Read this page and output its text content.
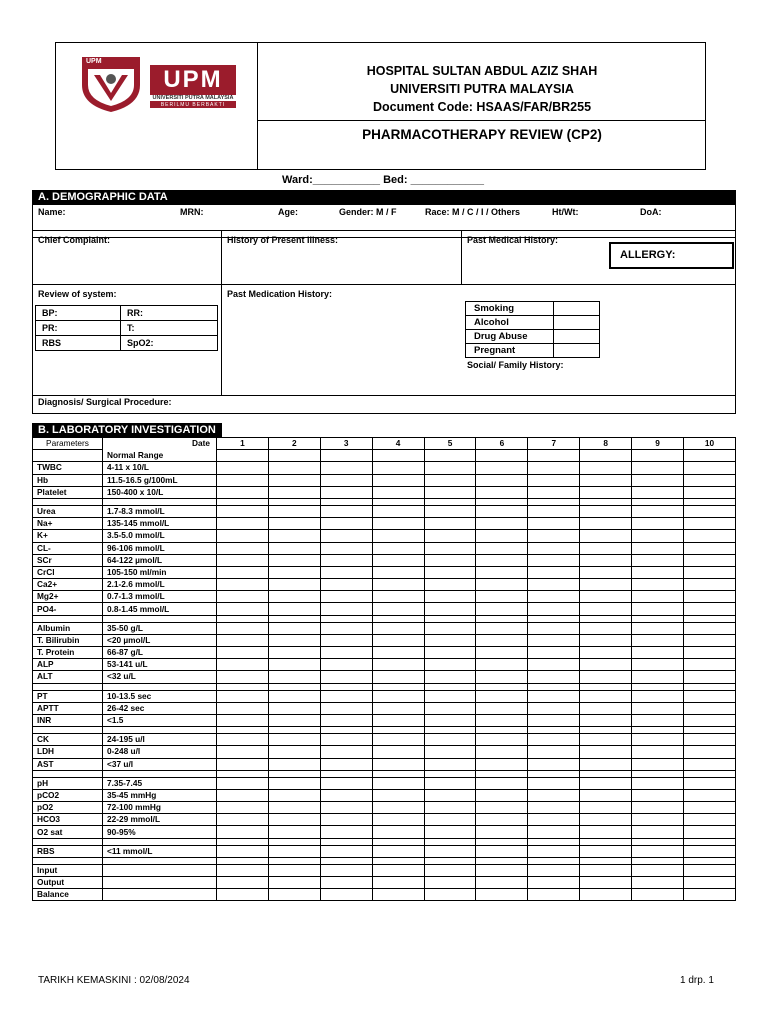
UPM
UPM
UNIVERSITI PUTRA MALAYSIA
BERILMU BERBAKTI
HOSPITAL SULTAN ABDUL AZIZ SHAH
UNIVERSITI PUTRA MALAYSIA
Document Code: HSAAS/FAR/BR255
PHARMACOTHERAPY REVIEW (CP2)
Ward:___________ Bed: ____________
A. DEMOGRAPHIC DATA
Name:	MRN:	Age:	Gender: M / F	Race: M / C / I / Others	Ht/Wt:	DoA:
Chief Complaint:	History of Present Illness:	Past Medical History:
ALLERGY:
Review of system:	Past Medication History:
BP:	RR:
PR:	T:
RBS	SpO2:
Smoking	
Alcohol	
Drug Abuse	
Pregnant	
Social/ Family History:
Diagnosis/ Surgical Procedure:
B. LABORATORY INVESTIGATION
Parameters	Date	1	2	3	4	5	6	7	8	9	10
	Normal Range										
TWBC	4-11 x 10/L										
Hb	11.5-16.5 g/100mL										
Platelet	150-400 x 10/L										

Urea	1.7-8.3 mmol/L										
Na+	135-145 mmol/L										
K+	3.5-5.0 mmol/L										
CL-	96-106 mmol/L										
SCr	64-122 µmol/L										
CrCl	105-150 ml/min										
Ca2+	2.1-2.6 mmol/L										
Mg2+	0.7-1.3 mmol/L										
PO4-	0.8-1.45 mmol/L										

Albumin	35-50 g/L										
T. Bilirubin	<20 µmol/L										
T. Protein	66-87 g/L										
ALP	53-141 u/L										
ALT	<32 u/L										

PT	10-13.5 sec										
APTT	26-42 sec										
INR	<1.5										

CK	24-195 u/l										
LDH	0-248 u/l										
AST	<37 u/l										

pH	7.35-7.45										
pCO2	35-45 mmHg										
pO2	72-100 mmHg										
HCO3	22-29 mmol/L										
O2 sat	90-95%										

RBS	<11 mmol/L										

Input											
Output											
Balance											
TARIKH KEMASKINI : 02/08/2024	1 drp. 1
